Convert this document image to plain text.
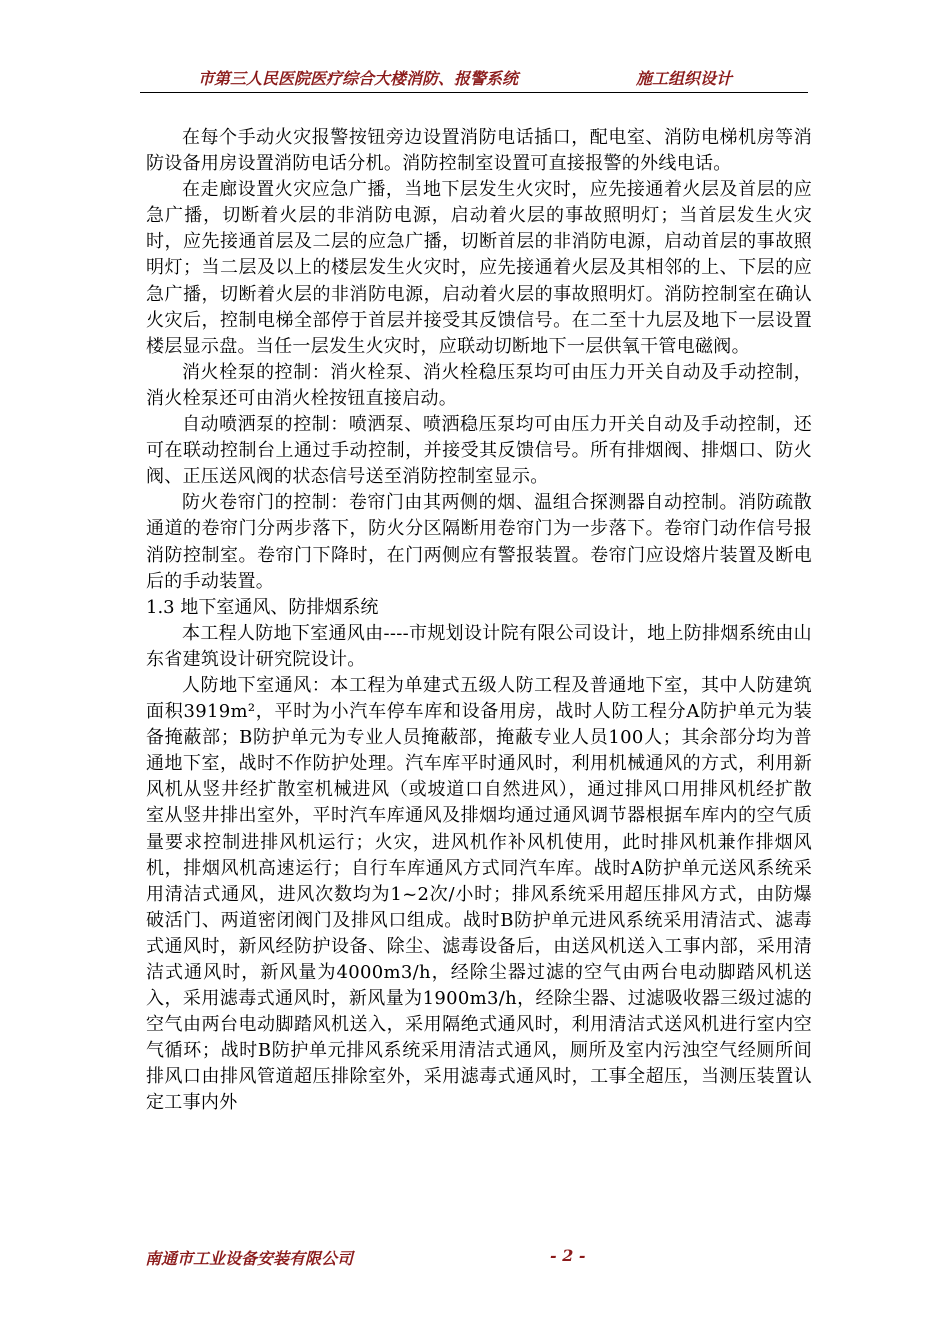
市第三人民医院医疗综合大楼消防、报警系统	施工组织设计

在每个手动火灾报警按钮旁边设置消防电话插口，配电室、消防电梯机房等消防设备用房设置消防电话分机。消防控制室设置可直接报警的外线电话。

在走廊设置火灾应急广播，当地下层发生火灾时，应先接通着火层及首层的应急广播，切断着火层的非消防电源，启动着火层的事故照明灯；当首层发生火灾时，应先接通首层及二层的应急广播，切断首层的非消防电源，启动首层的事故照明灯；当二层及以上的楼层发生火灾时，应先接通着火层及其相邻的上、下层的应急广播，切断着火层的非消防电源，启动着火层的事故照明灯。消防控制室在确认火灾后，控制电梯全部停于首层并接受其反馈信号。在二至十九层及地下一层设置楼层显示盘。当任一层发生火灾时，应联动切断地下一层供氧干管电磁阀。

消火栓泵的控制：消火栓泵、消火栓稳压泵均可由压力开关自动及手动控制，消火栓泵还可由消火栓按钮直接启动。

自动喷洒泵的控制：喷洒泵、喷洒稳压泵均可由压力开关自动及手动控制，还可在联动控制台上通过手动控制，并接受其反馈信号。所有排烟阀、排烟口、防火阀、正压送风阀的状态信号送至消防控制室显示。

防火卷帘门的控制：卷帘门由其两侧的烟、温组合探测器自动控制。消防疏散通道的卷帘门分两步落下，防火分区隔断用卷帘门为一步落下。卷帘门动作信号报消防控制室。卷帘门下降时，在门两侧应有警报装置。卷帘门应设熔片装置及断电后的手动装置。

1.3 地下室通风、防排烟系统

本工程人防地下室通风由----市规划设计院有限公司设计，地上防排烟系统由山东省建筑设计研究院设计。

人防地下室通风：本工程为单建式五级人防工程及普通地下室，其中人防建筑面积3919m²，平时为小汽车停车库和设备用房，战时人防工程分A防护单元为装备掩蔽部；B防护单元为专业人员掩蔽部，掩蔽专业人员100人；其余部分均为普通地下室，战时不作防护处理。汽车库平时通风时，利用机械通风的方式，利用新风机从竖井经扩散室机械进风（或坡道口自然进风），通过排风口用排风机经扩散室从竖井排出室外，平时汽车库通风及排烟均通过通风调节器根据车库内的空气质量要求控制进排风机运行；火灾，进风机作补风机使用，此时排风机兼作排烟风机，排烟风机高速运行；自行车库通风方式同汽车库。战时A防护单元送风系统采用清洁式通风，进风次数均为1~2次/小时；排风系统采用超压排风方式，由防爆破活门、两道密闭阀门及排风口组成。战时B防护单元进风系统采用清洁式、滤毒式通风时，新风经防护设备、除尘、滤毒设备后，由送风机送入工事内部，采用清洁式通风时，新风量为4000m3/h，经除尘器过滤的空气由两台电动脚踏风机送入，采用滤毒式通风时，新风量为1900m3/h，经除尘器、过滤吸收器三级过滤的空气由两台电动脚踏风机送入，采用隔绝式通风时，利用清洁式送风机进行室内空气循环；战时B防护单元排风系统采用清洁式通风，厕所及室内污浊空气经厕所间排风口由排风管道超压排除室外，采用滤毒式通风时，工事全超压，当测压装置认定工事内外

南通市工业设备安装有限公司	- 2 -
